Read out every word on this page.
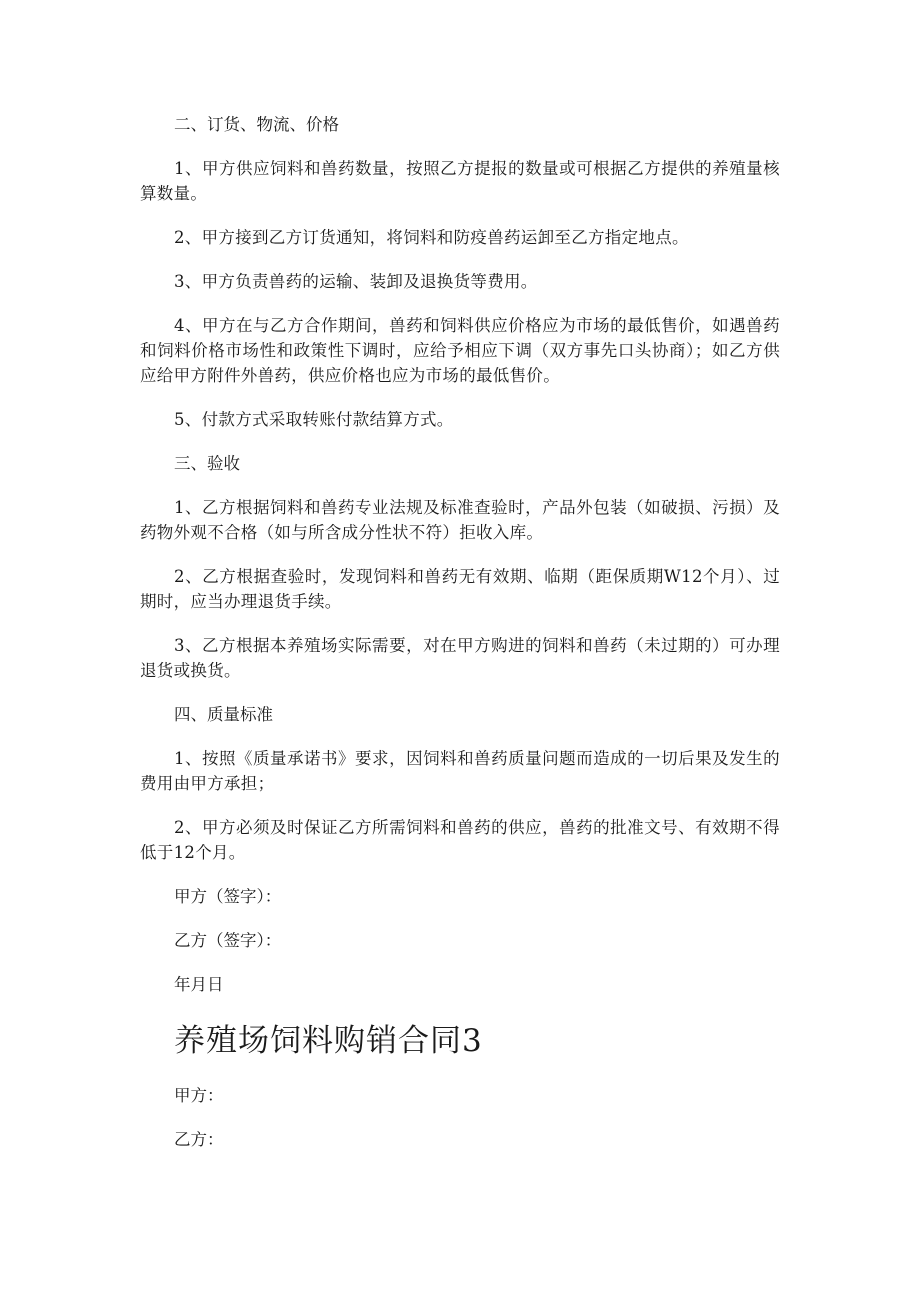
二、订货、物流、价格

1、甲方供应饲料和兽药数量，按照乙方提报的数量或可根据乙方提供的养殖量核算数量。

2、甲方接到乙方订货通知，将饲料和防疫兽药运卸至乙方指定地点。

3、甲方负责兽药的运输、装卸及退换货等费用。

4、甲方在与乙方合作期间，兽药和饲料供应价格应为市场的最低售价，如遇兽药和饲料价格市场性和政策性下调时，应给予相应下调（双方事先口头协商）；如乙方供应给甲方附件外兽药，供应价格也应为市场的最低售价。

5、付款方式采取转账付款结算方式。

三、验收

1、乙方根据饲料和兽药专业法规及标准查验时，产品外包装（如破损、污损）及药物外观不合格（如与所含成分性状不符）拒收入库。

2、乙方根据查验时，发现饲料和兽药无有效期、临期（距保质期W12个月）、过期时，应当办理退货手续。

3、乙方根据本养殖场实际需要，对在甲方购进的饲料和兽药（未过期的）可办理退货或换货。

四、质量标准

1、按照《质量承诺书》要求，因饲料和兽药质量问题而造成的一切后果及发生的费用由甲方承担；

2、甲方必须及时保证乙方所需饲料和兽药的供应，兽药的批准文号、有效期不得低于12个月。

甲方（签字）：

乙方（签字）：

年月日

养殖场饲料购销合同3

甲方：

乙方：
